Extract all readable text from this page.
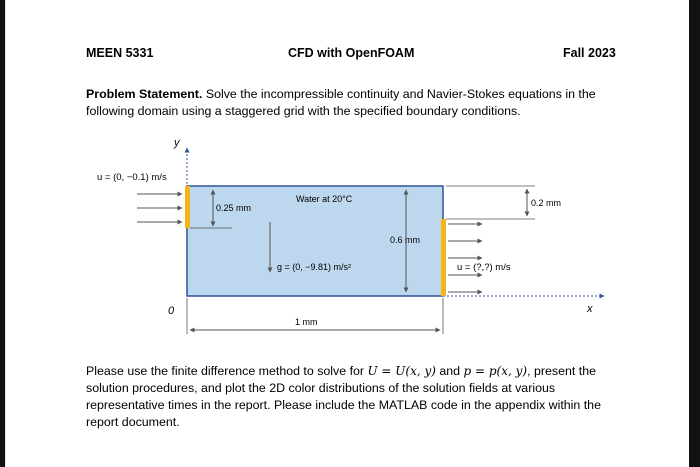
MEEN 5331	CFD with OpenFOAM	Fall 2023
Problem Statement. Solve the incompressible continuity and Navier-Stokes equations in the following domain using a staggered grid with the specified boundary conditions.
y
x
0
u = (0, −0.1) m/s
0.25 mm
Water at 20°C
g = (0, −9.81) m/s²
0.6 mm
u = (?,?) m/s
0.2 mm
1 mm
Please use the finite difference method to solve for U = U(x, y) and p = p(x, y), present the solution procedures, and plot the 2D color distributions of the solution fields at various representative times in the report. Please include the MATLAB code in the appendix within the report document.
